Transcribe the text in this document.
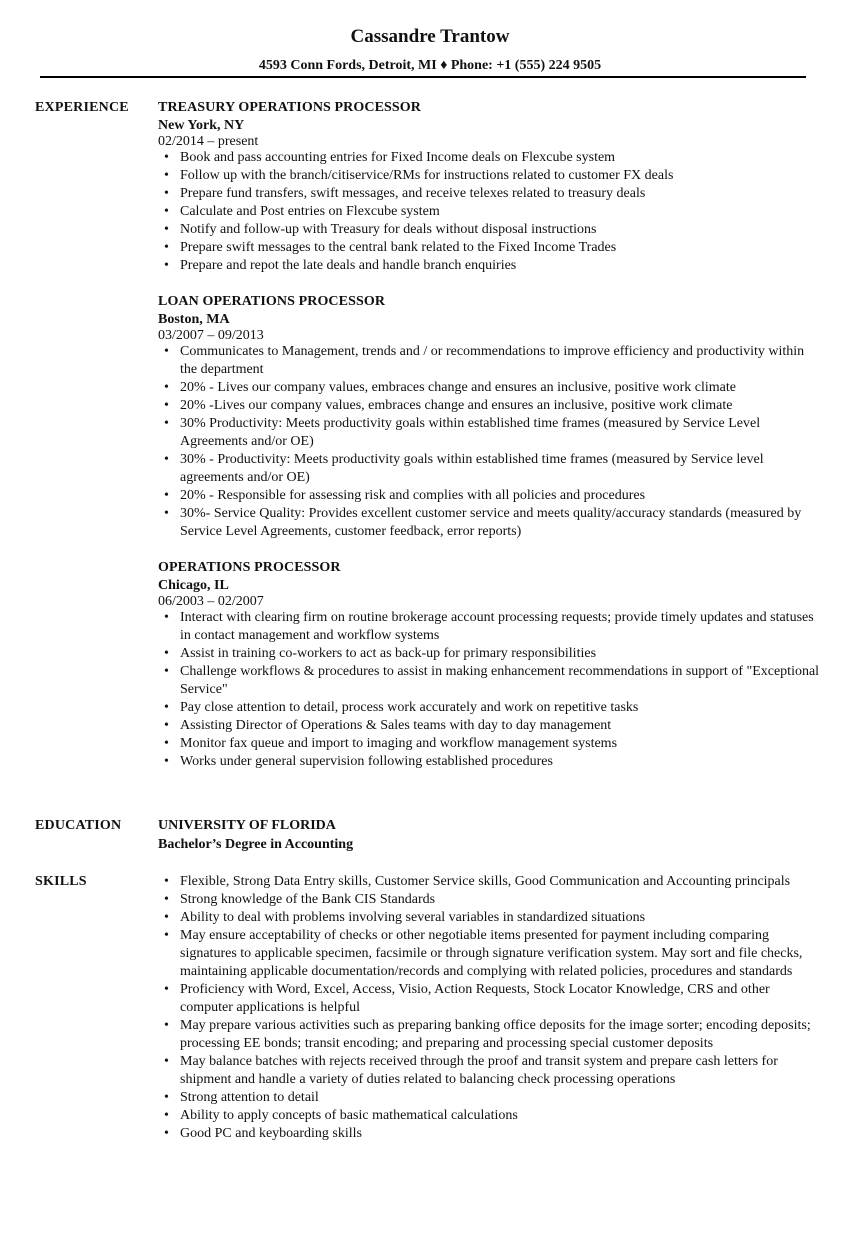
Cassandre Trantow
4593 Conn Fords, Detroit, MI ♦ Phone: +1 (555) 224 9505
EXPERIENCE	TREASURY OPERATIONS PROCESSOR
New York, NY
02/2014 – present
• Book and pass accounting entries for Fixed Income deals on Flexcube system
• Follow up with the branch/citiservice/RMs for instructions related to customer FX deals
• Prepare fund transfers, swift messages, and receive telexes related to treasury deals
• Calculate and Post entries on Flexcube system
• Notify and follow-up with Treasury for deals without disposal instructions
• Prepare swift messages to the central bank related to the Fixed Income Trades
• Prepare and repot the late deals and handle branch enquiries
LOAN OPERATIONS PROCESSOR
Boston, MA
03/2007 – 09/2013
• Communicates to Management, trends and / or recommendations to improve efficiency and productivity within the department
• 20% - Lives our company values, embraces change and ensures an inclusive, positive work climate
• 20% -Lives our company values, embraces change and ensures an inclusive, positive work climate
• 30% Productivity: Meets productivity goals within established time frames (measured by Service Level Agreements and/or OE)
• 30% - Productivity: Meets productivity goals within established time frames (measured by Service level agreements and/or OE)
• 20% - Responsible for assessing risk and complies with all policies and procedures
• 30%- Service Quality: Provides excellent customer service and meets quality/accuracy standards (measured by Service Level Agreements, customer feedback, error reports)
OPERATIONS PROCESSOR
Chicago, IL
06/2003 – 02/2007
• Interact with clearing firm on routine brokerage account processing requests; provide timely updates and statuses in contact management and workflow systems
• Assist in training co-workers to act as back-up for primary responsibilities
• Challenge workflows & procedures to assist in making enhancement recommendations in support of "Exceptional Service"
• Pay close attention to detail, process work accurately and work on repetitive tasks
• Assisting Director of Operations & Sales teams with day to day management
• Monitor fax queue and import to imaging and workflow management systems
• Works under general supervision following established procedures
EDUCATION	UNIVERSITY OF FLORIDA
Bachelor’s Degree in Accounting
SKILLS
•	Flexible, Strong Data Entry skills, Customer Service skills, Good Communication and Accounting principals
• Strong knowledge of the Bank CIS Standards
• Ability to deal with problems involving several variables in standardized situations
• May ensure acceptability of checks or other negotiable items presented for payment including comparing signatures to applicable specimen, facsimile or through signature verification system. May sort and file checks, maintaining applicable documentation/records and complying with related policies, procedures and standards
• Proficiency with Word, Excel, Access, Visio, Action Requests, Stock Locator Knowledge, CRS and other computer applications is helpful
• May prepare various activities such as preparing banking office deposits for the image sorter; encoding deposits; processing EE bonds; transit encoding; and preparing and processing special customer deposits
• May balance batches with rejects received through the proof and transit system and prepare cash letters for shipment and handle a variety of duties related to balancing check processing operations
• Strong attention to detail
• Ability to apply concepts of basic mathematical calculations
• Good PC and keyboarding skills
